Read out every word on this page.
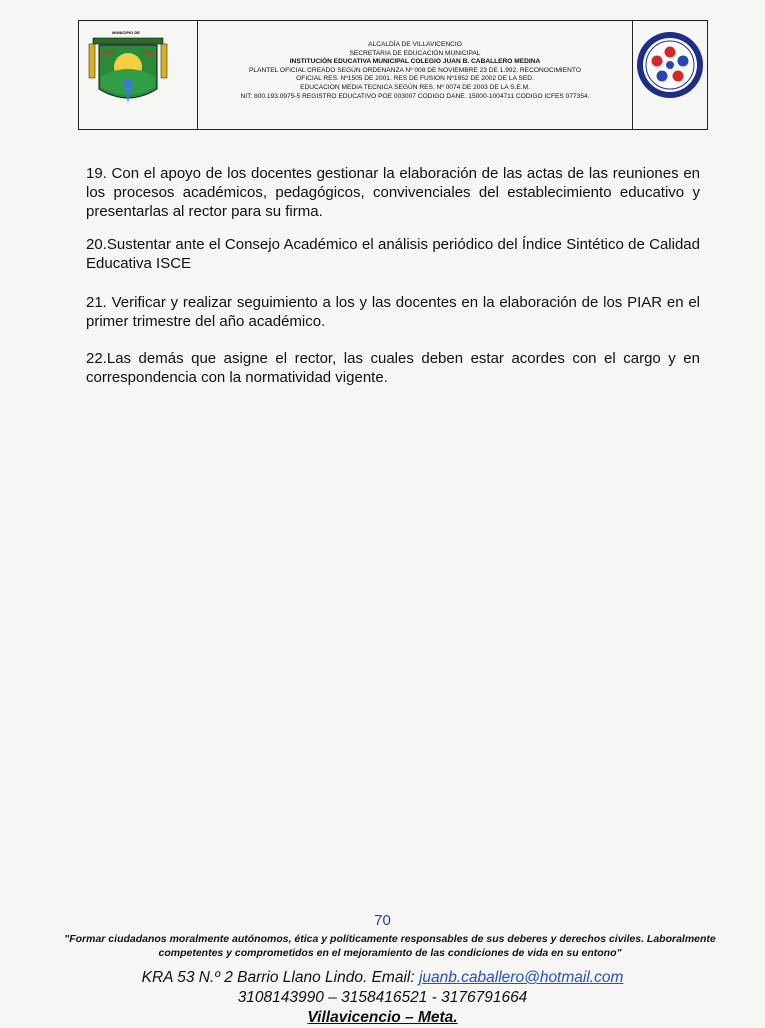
MUNICIPIO DE
ALCALDÍA DE VILLAVICENCIO
SECRETARIA DE EDUCACIÓN MUNICIPAL
INSTITUCIÓN EDUCATIVA MUNICIPAL COLEGIO JUAN B. CABALLERO MEDINA
PLANTEL OFICIAL CREADO SEGÚN ORDENANZA Nº 008 DE NOVIEMBRE 23 DE 1.992. RECONOCIMIENTO
OFICIAL RES. Nº1505 DE 2001. RES DE FUSION Nº1952 DE 2002 DE LA SED.
EDUCACION MEDIA TECNICA SEGÚN RES. Nº 0074 DE 2003 DE LA S.E.M.
NIT: 800.193.0975-5 REGISTRO EDUCATIVO POE 003007 CODIGO DANE. 15000-1004711 CODIGO ICFES 077354.

19. Con el apoyo de los docentes gestionar la elaboración de las actas de las reuniones en los procesos académicos, pedagógicos, convivenciales del establecimiento educativo y presentarlas al rector para su firma.

20.Sustentar ante el Consejo Académico el análisis periódico del Índice Sintético de Calidad Educativa ISCE

21. Verificar y realizar seguimiento a los y las docentes en la elaboración de los PIAR en el primer trimestre del año académico.

22.Las demás que asigne el rector, las cuales deben estar acordes con el cargo y en correspondencia con la normatividad vigente.

70
"Formar ciudadanos moralmente autónomos, ética y políticamente responsables de sus deberes y derechos civiles. Laboralmente
competentes y comprometidos en el mejoramiento de las condiciones de vida en su entono"
KRA 53 N.º 2 Barrio Llano Lindo. Email: juanb.caballero@hotmail.com
3108143990 – 3158416521 - 3176791664
Villavicencio – Meta.
